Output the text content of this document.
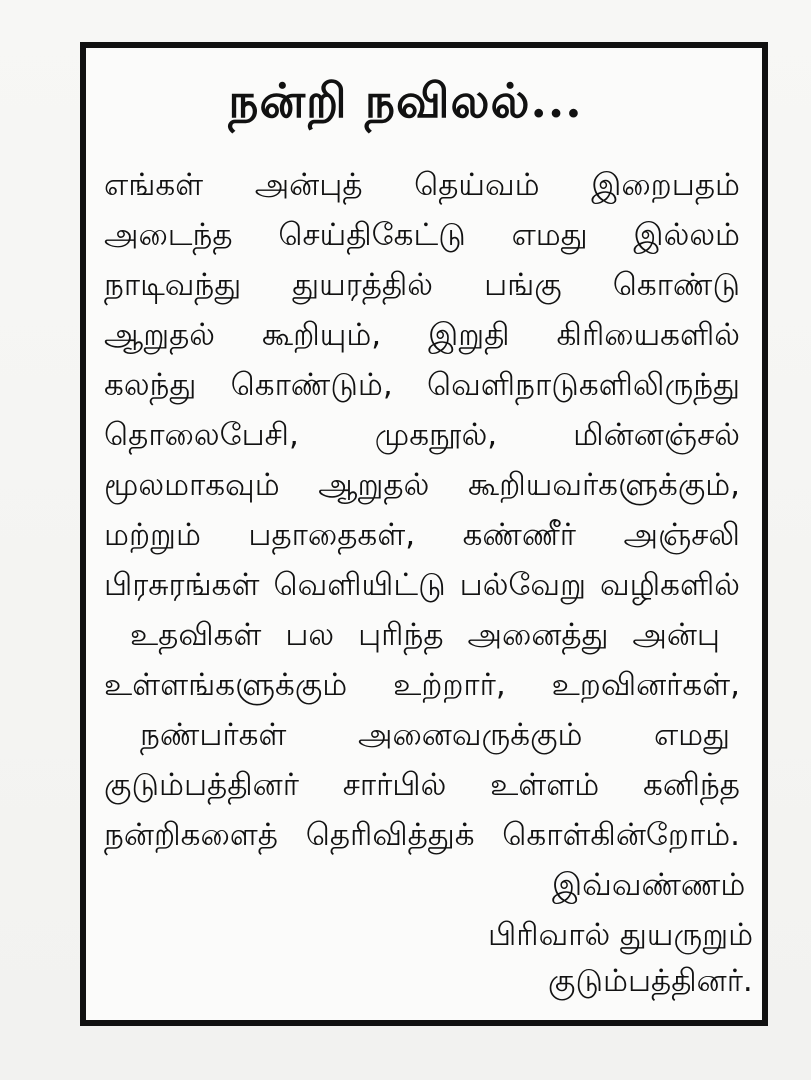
நன்றி நவிலல்...
எங்கள் அன்புத் தெய்வம் இறைபதம்
அடைந்த செய்திகேட்டு எமது இல்லம்
நாடிவந்து துயரத்தில் பங்கு கொண்டு
ஆறுதல் கூறியும், இறுதி கிரியைகளில்
கலந்து கொண்டும், வெளிநாடுகளிலிருந்து
தொலைபேசி, முகநூல், மின்னஞ்சல்
மூலமாகவும் ஆறுதல் கூறியவர்களுக்கும்,
மற்றும் பதாதைகள், கண்ணீர் அஞ்சலி
பிரசுரங்கள் வெளியிட்டு பல்வேறு வழிகளில்
உதவிகள் பல புரிந்த அனைத்து அன்பு
உள்ளங்களுக்கும் உற்றார், உறவினர்கள்,
நண்பர்கள் அனைவருக்கும் எமது
குடும்பத்தினர் சார்பில் உள்ளம் கனிந்த
நன்றிகளைத் தெரிவித்துக் கொள்கின்றோம்.
இவ்வண்ணம்
பிரிவால் துயருறும்
குடும்பத்தினர்.
